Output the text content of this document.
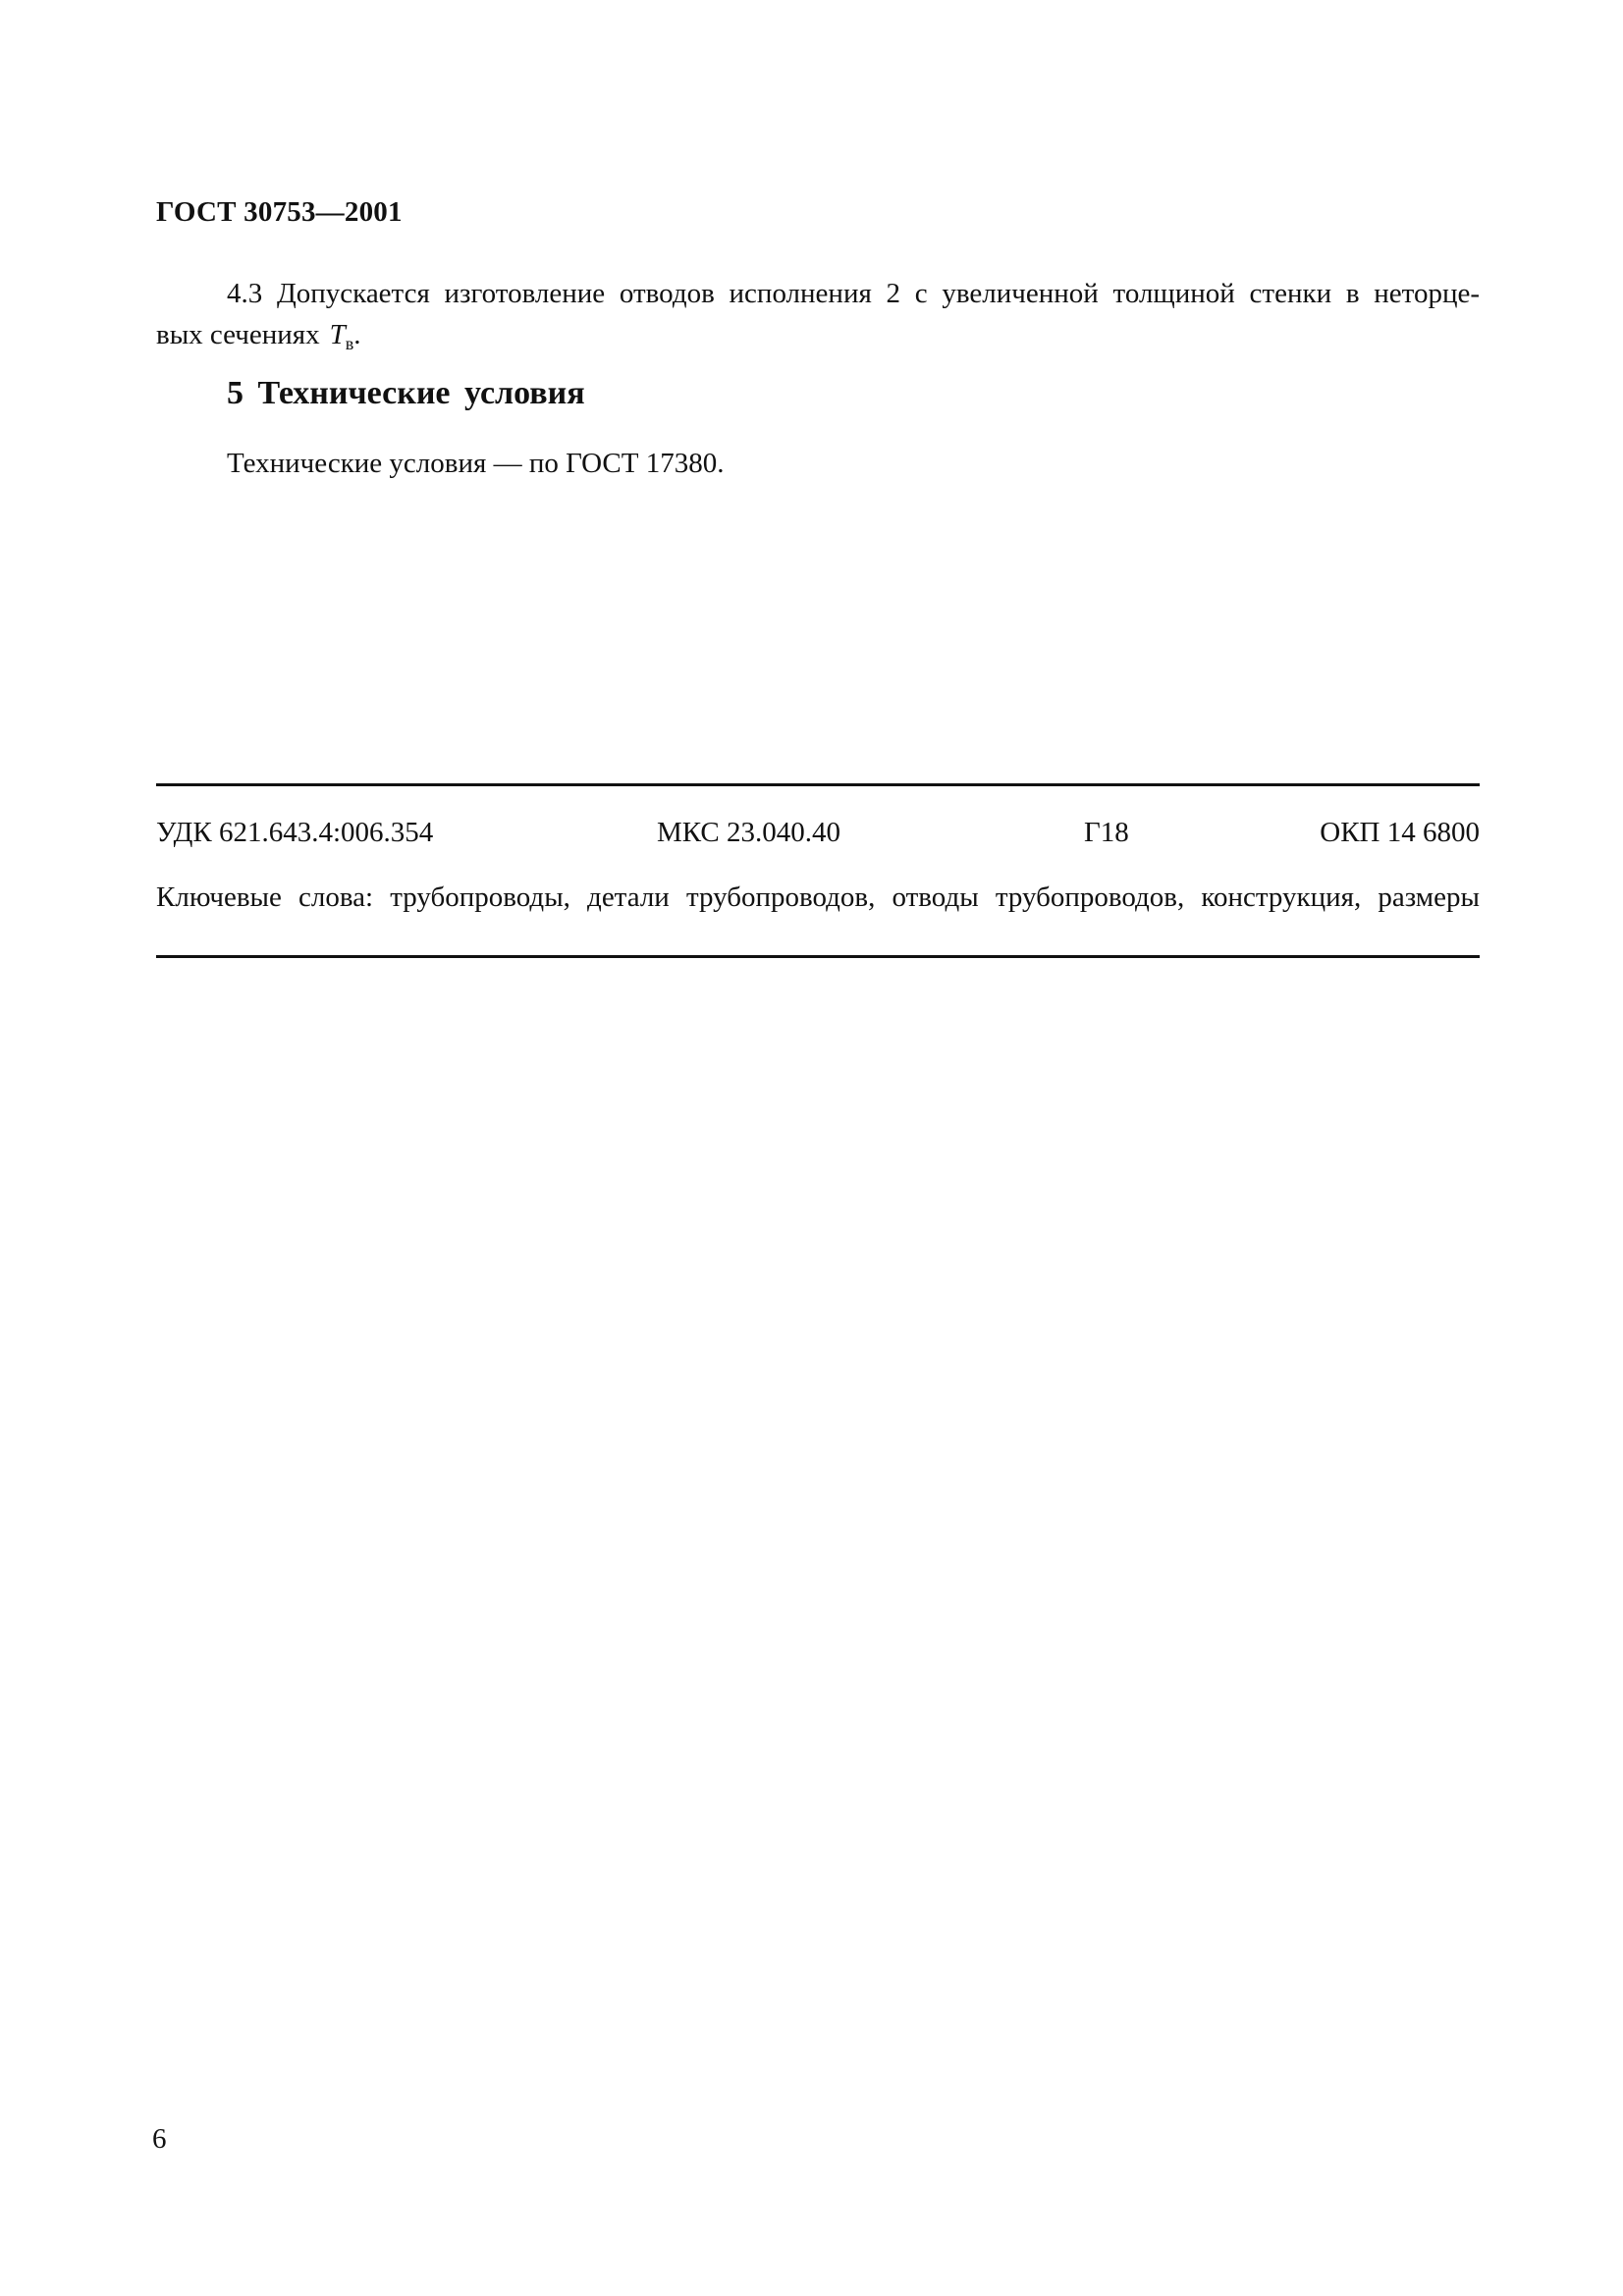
ГОСТ 30753—2001
4.3 Допускается изготовление отводов исполнения 2 с увеличенной толщиной стенки в неторце-
вых сечениях $T_в$.
5 Технические условия
Технические условия — по ГОСТ 17380.
УДК 621.643.4:006.354	МКС 23.040.40	Г18	ОКП 14 6800
Ключевые слова: трубопроводы, детали трубопроводов, отводы трубопроводов, конструкция, размеры
6
